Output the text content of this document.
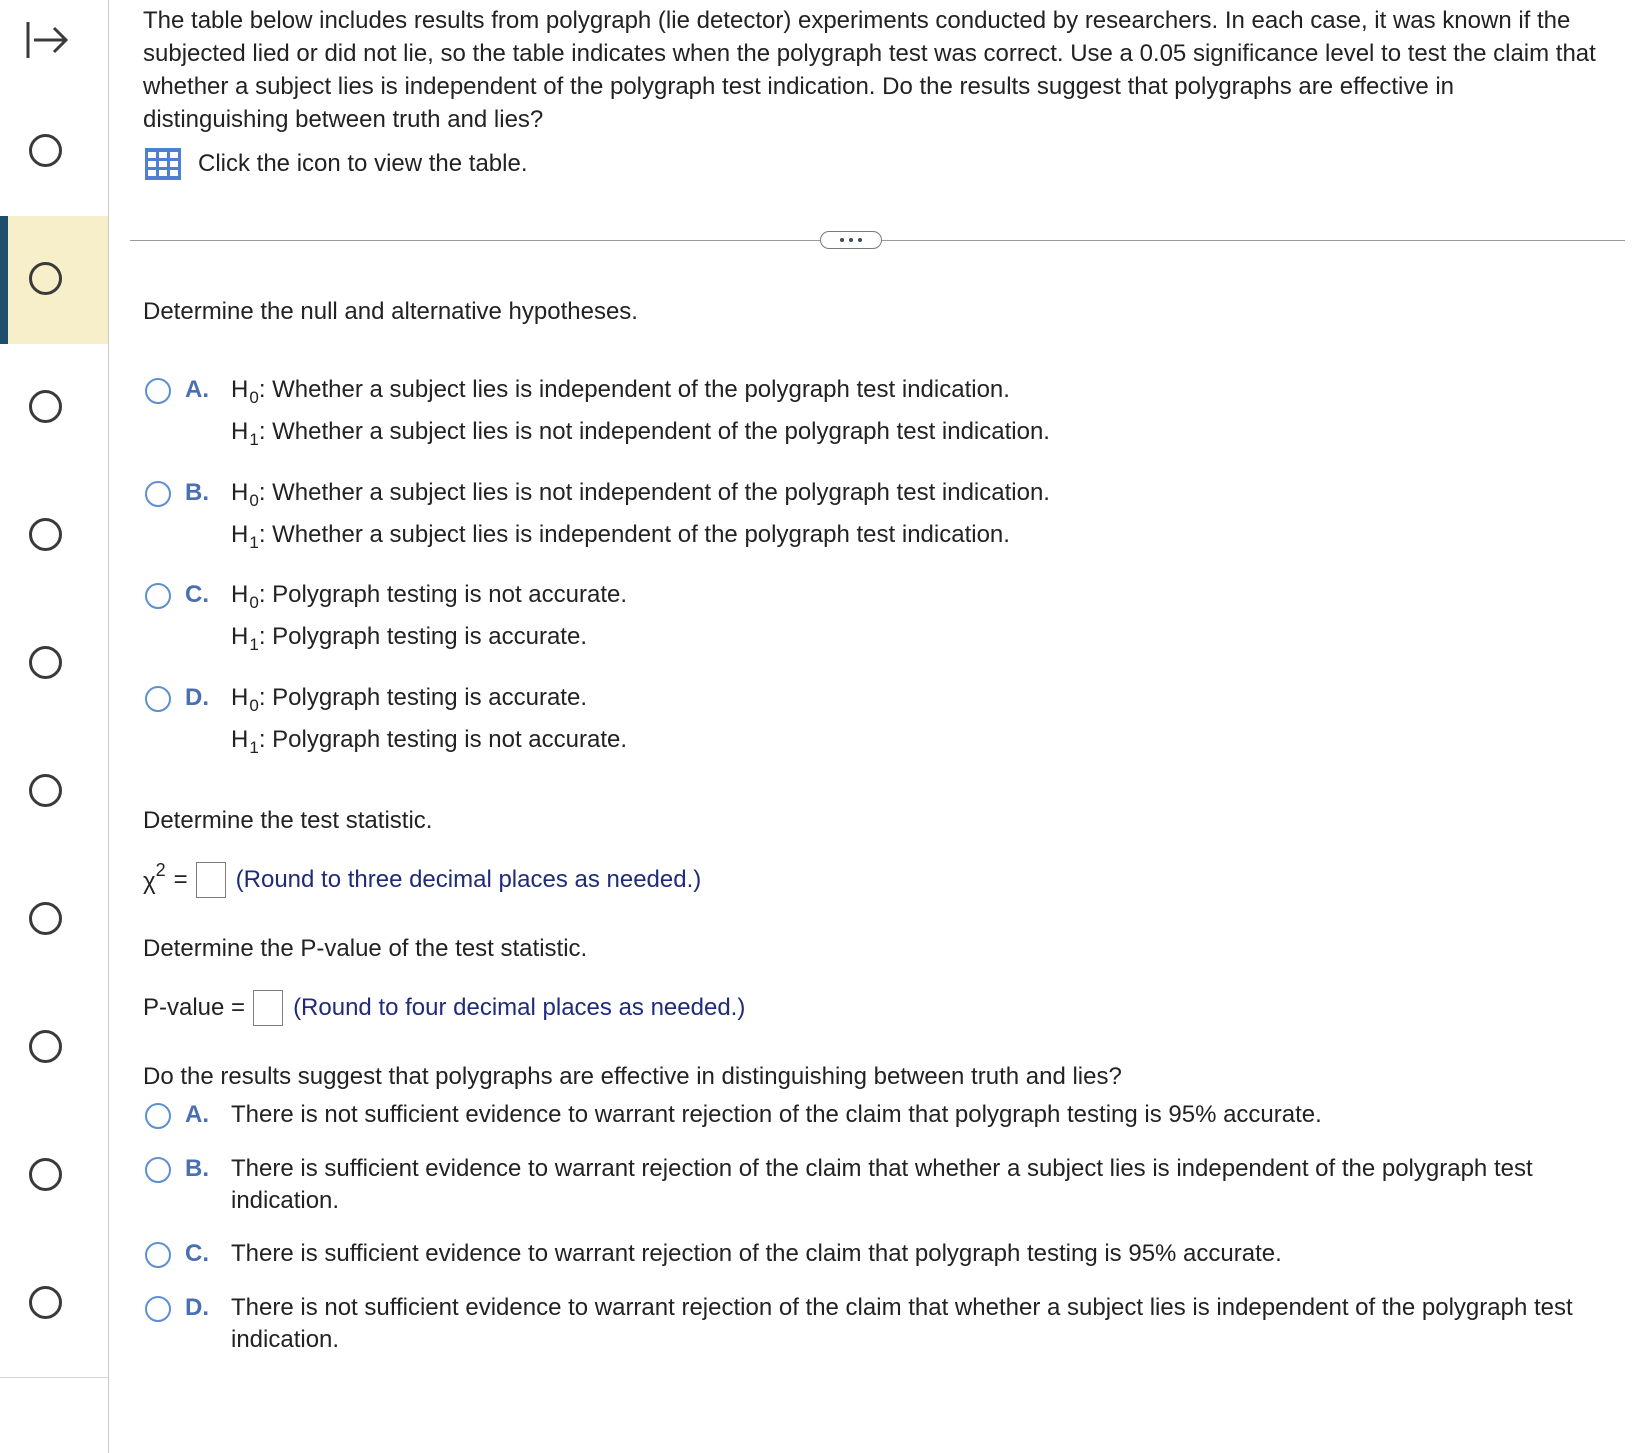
The table below includes results from polygraph (lie detector) experiments conducted by researchers. In each case, it was known if the subjected lied or did not lie, so the table indicates when the polygraph test was correct. Use a 0.05 significance level to test the claim that whether a subject lies is independent of the polygraph test indication. Do the results suggest that polygraphs are effective in distinguishing between truth and lies?
Click the icon to view the table.
Determine the null and alternative hypotheses.
A. $H_0$: Whether a subject lies is independent of the polygraph test indication.
$H_1$: Whether a subject lies is not independent of the polygraph test indication.
B. $H_0$: Whether a subject lies is not independent of the polygraph test indication.
$H_1$: Whether a subject lies is independent of the polygraph test indication.
C. $H_0$: Polygraph testing is not accurate.
$H_1$: Polygraph testing is accurate.
D. $H_0$: Polygraph testing is accurate.
$H_1$: Polygraph testing is not accurate.
Determine the test statistic.
$\chi^2$ = (Round to three decimal places as needed.)
Determine the P-value of the test statistic.
P-value = (Round to four decimal places as needed.)
Do the results suggest that polygraphs are effective in distinguishing between truth and lies?
A. There is not sufficient evidence to warrant rejection of the claim that polygraph testing is 95% accurate.
B. There is sufficient evidence to warrant rejection of the claim that whether a subject lies is independent of the polygraph test indication.
C. There is sufficient evidence to warrant rejection of the claim that polygraph testing is 95% accurate.
D. There is not sufficient evidence to warrant rejection of the claim that whether a subject lies is independent of the polygraph test indication.
